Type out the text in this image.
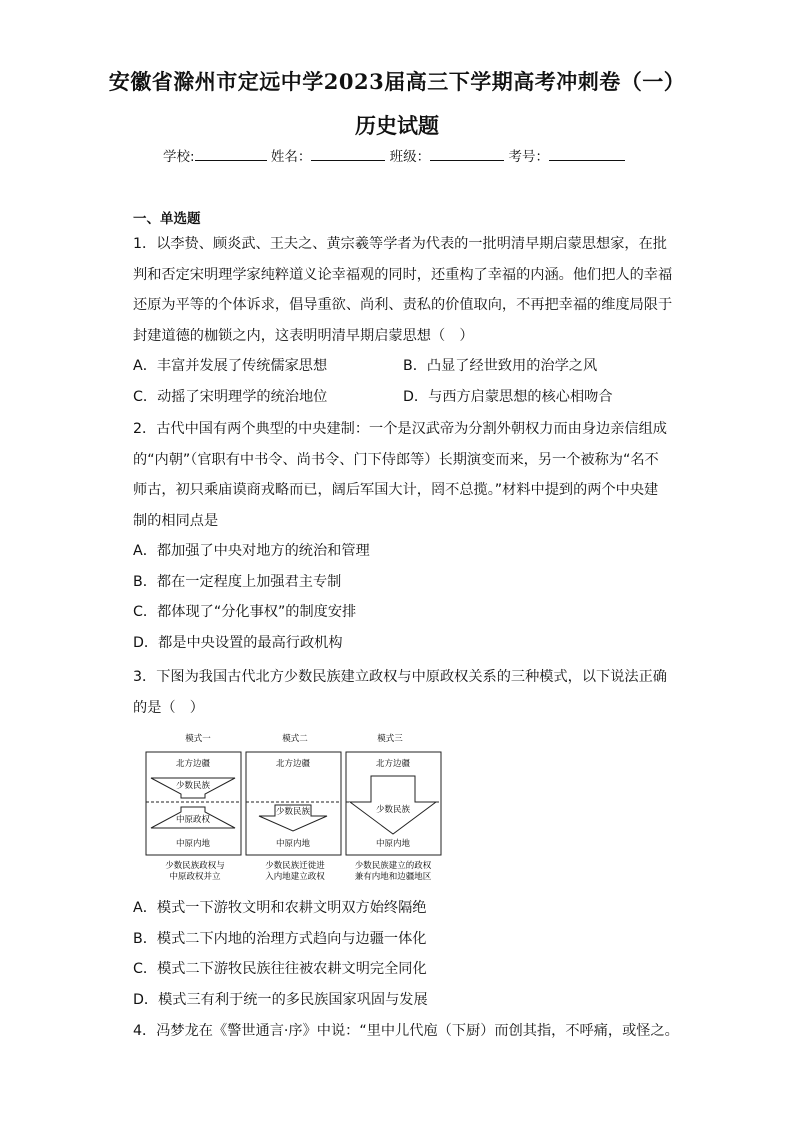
安徽省滁州市定远中学2023届高三下学期高考冲刺卷（一）
历史试题
学校:	姓名：	班级：	考号：
一、单选题

1．以李贽、顾炎武、王夫之、黄宗羲等学者为代表的一批明清早期启蒙思想家，在批

判和否定宋明理学家纯粹道义论幸福观的同时，还重构了幸福的内涵。他们把人的幸福

还原为平等的个体诉求，倡导重欲、尚利、责私的价值取向，不再把幸福的维度局限于

封建道德的枷锁之内，这表明明清早期启蒙思想（　）

A．丰富并发展了传统儒家思想	B．凸显了经世致用的治学之风

C．动摇了宋明理学的统治地位	D．与西方启蒙思想的核心相吻合

2．古代中国有两个典型的中央建制：一个是汉武帝为分割外朝权力而由身边亲信组成

的“内朝”（官职有中书令、尚书令、门下侍郎等）长期演变而来，另一个被称为“名不

师古，初只乘庙谟商戎略而已，阔后军国大计，罔不总揽。”材料中提到的两个中央建

制的相同点是

A．都加强了中央对地方的统治和管理

B．都在一定程度上加强君主专制

C．都体现了“分化事权”的制度安排

D．都是中央设置的最高行政机构

3．下图为我国古代北方少数民族建立政权与中原政权关系的三种模式，以下说法正确

的是（　）

模式一
北方边疆
少数民族
中原政权
中原内地
少数民族政权与
中原政权并立
模式二
北方边疆
少数民族
中原内地
少数民族迁徙进
入内地建立政权
模式三
北方边疆
少数民族
中原内地
少数民族建立的政权
兼有内地和边疆地区

A．模式一下游牧文明和农耕文明双方始终隔绝

B．模式二下内地的治理方式趋向与边疆一体化

C．模式二下游牧民族往往被农耕文明完全同化

D．模式三有利于统一的多民族国家巩固与发展

4．冯梦龙在《警世通言·序》中说：“里中儿代庖（下厨）而创其指，不呼痛，或怪之。
